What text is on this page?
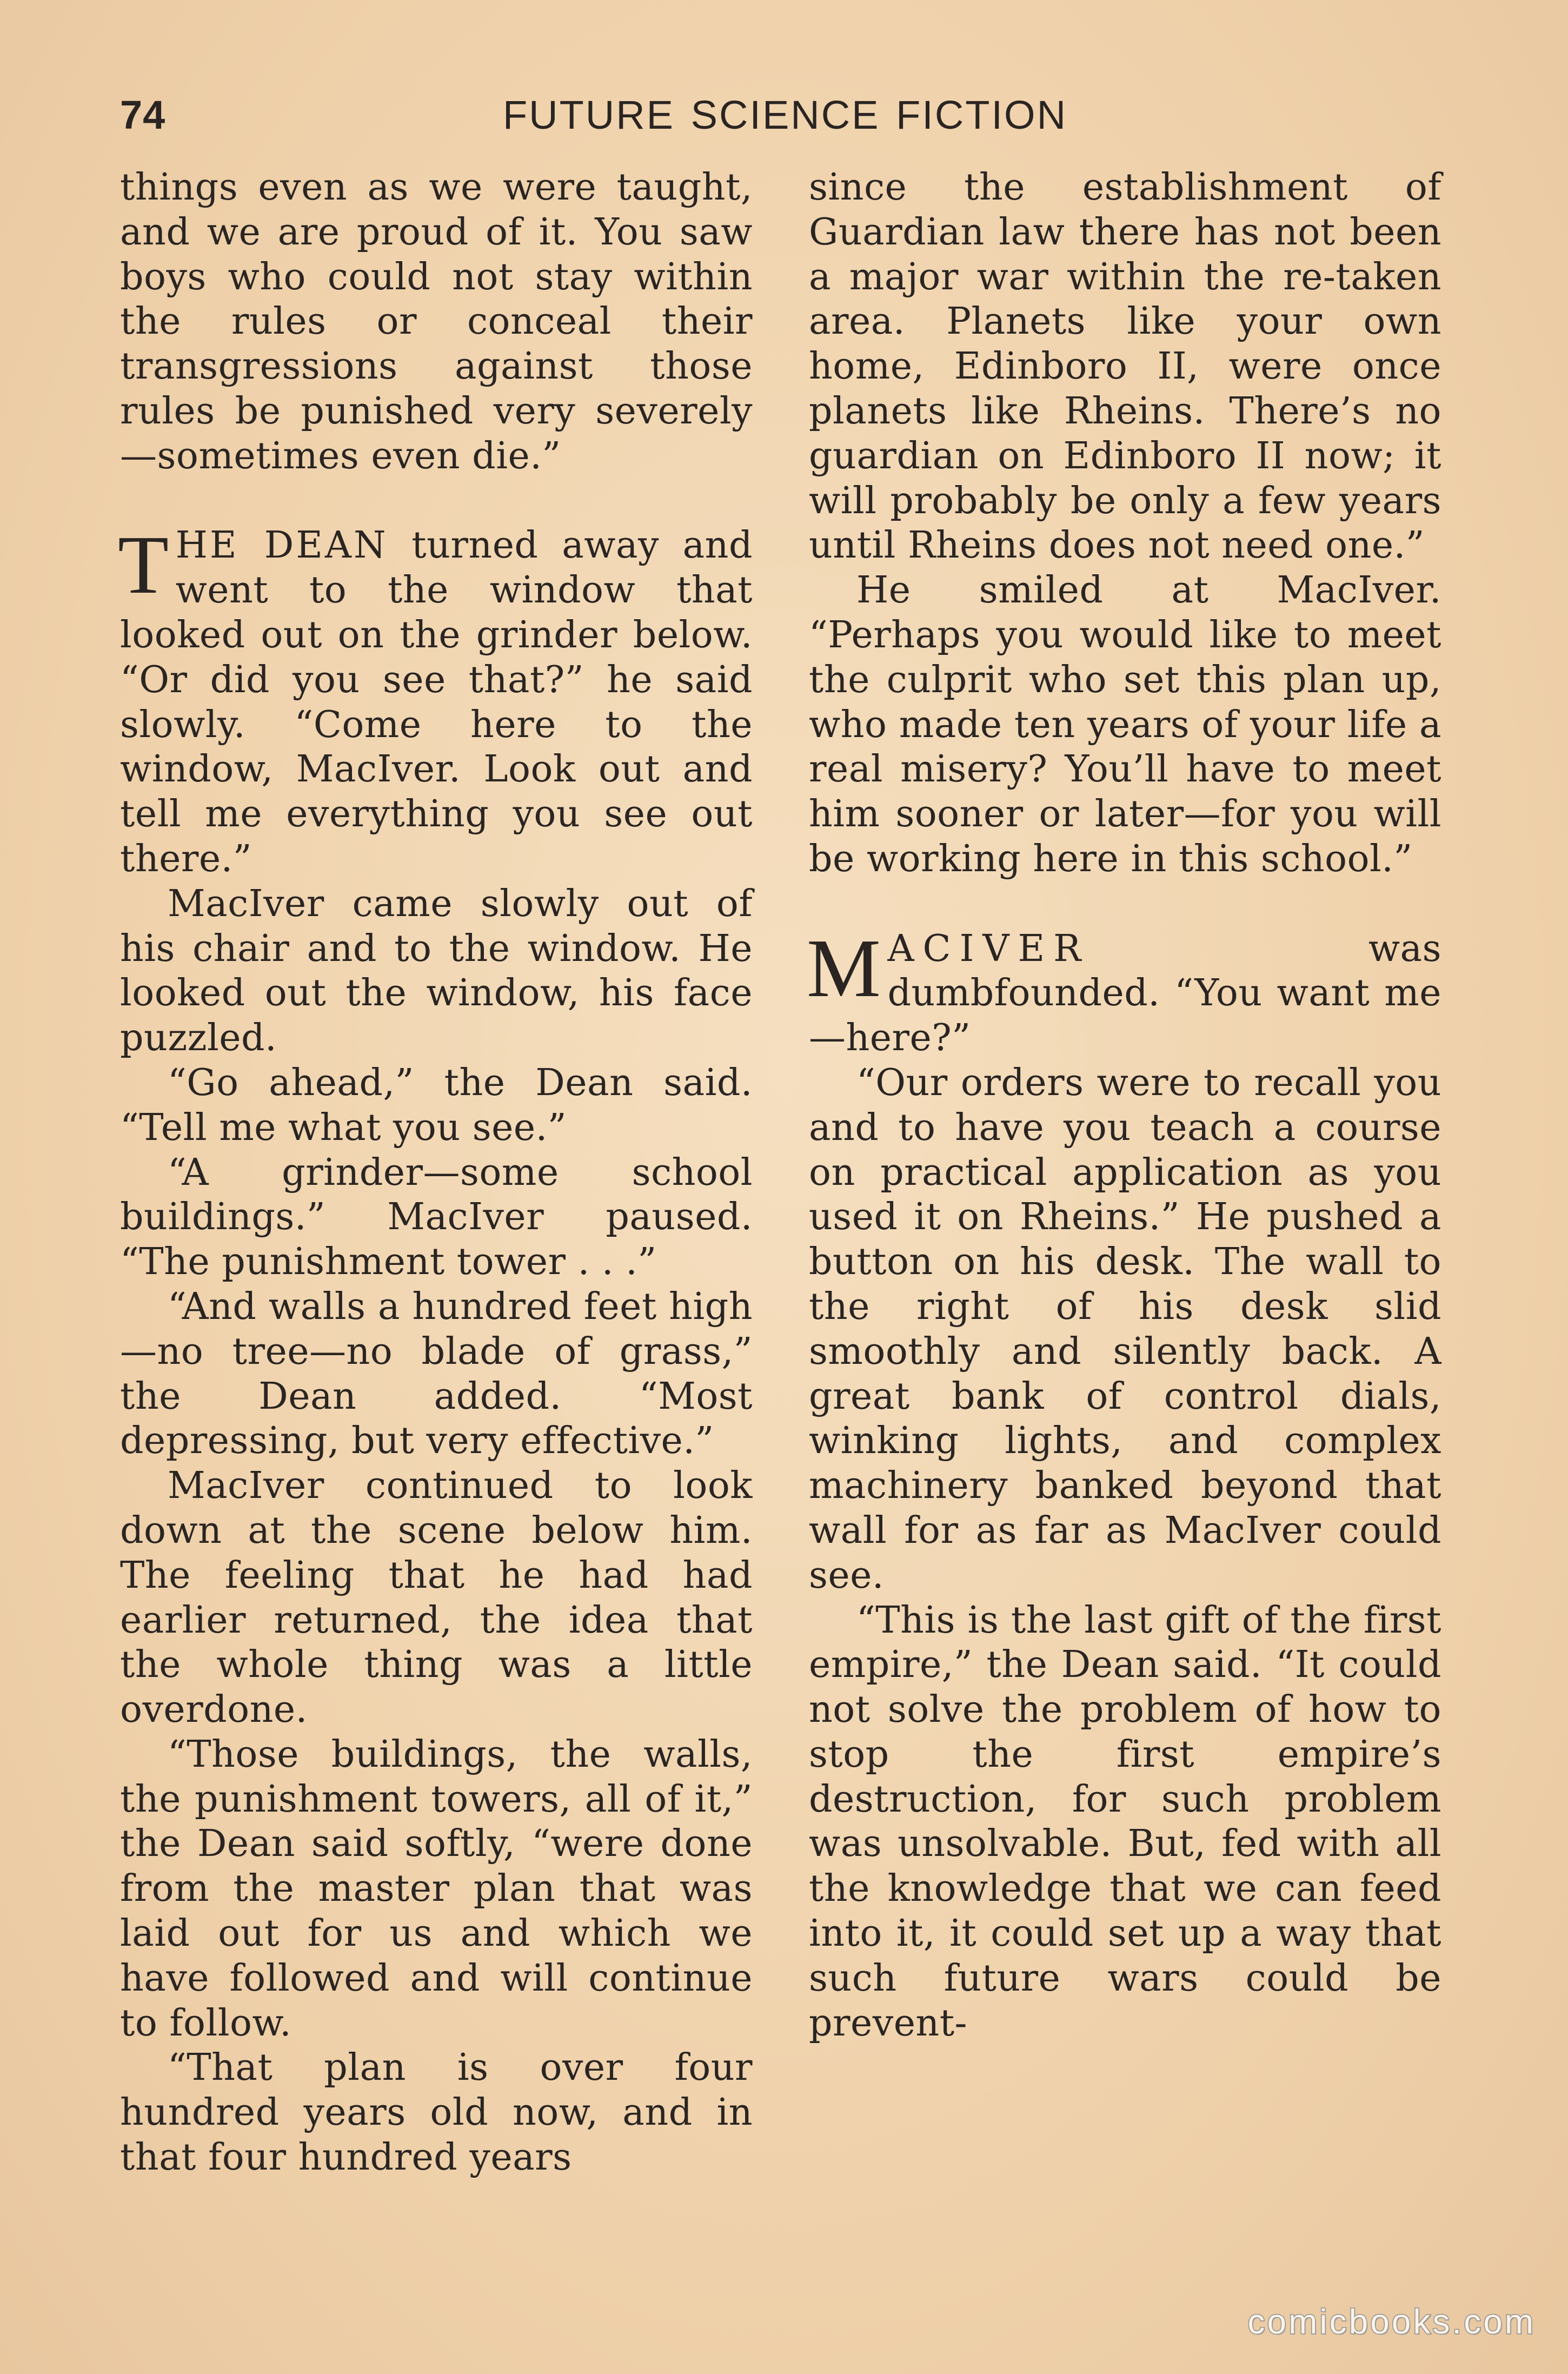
74	FUTURE SCIENCE FICTION

things even as we were taught, and we are proud of it. You saw boys who could not stay within the rules or conceal their transgressions against those rules be punished very severely—sometimes even die.”

THE DEAN turned away and went to the window that looked out on the grinder below. “Or did you see that?” he said slowly. “Come here to the window, MacIver. Look out and tell me everything you see out there.”

MacIver came slowly out of his chair and to the window. He looked out the window, his face puzzled.

“Go ahead,” the Dean said. “Tell me what you see.”

“A grinder—some school buildings.” MacIver paused. “The punishment tower . . .”

“And walls a hundred feet high—no tree—no blade of grass,” the Dean added. “Most depressing, but very effective.”

MacIver continued to look down at the scene below him. The feeling that he had had earlier returned, the idea that the whole thing was a little overdone.

“Those buildings, the walls, the punishment towers, all of it,” the Dean said softly, “were done from the master plan that was laid out for us and which we have followed and will continue to follow.

“That plan is over four hundred years old now, and in that four hundred years

since the establishment of Guardian law there has not been a major war within the re-taken area. Planets like your own home, Edinboro II, were once planets like Rheins. There’s no guardian on Edinboro II now; it will probably be only a few years until Rheins does not need one.”

He smiled at MacIver. “Perhaps you would like to meet the culprit who set this plan up, who made ten years of your life a real misery? You’ll have to meet him sooner or later—for you will be working here in this school.”

MACIVER was dumbfounded. “You want me —here?”

“Our orders were to recall you and to have you teach a course on practical application as you used it on Rheins.” He pushed a button on his desk. The wall to the right of his desk slid smoothly and silently back. A great bank of control dials, winking lights, and complex machinery banked beyond that wall for as far as MacIver could see.

“This is the last gift of the first empire,” the Dean said. “It could not solve the problem of how to stop the first empire’s destruction, for such problem was unsolvable. But, fed with all the knowledge that we can feed into it, it could set up a way that such future wars could be prevent-

comicbooks.com
